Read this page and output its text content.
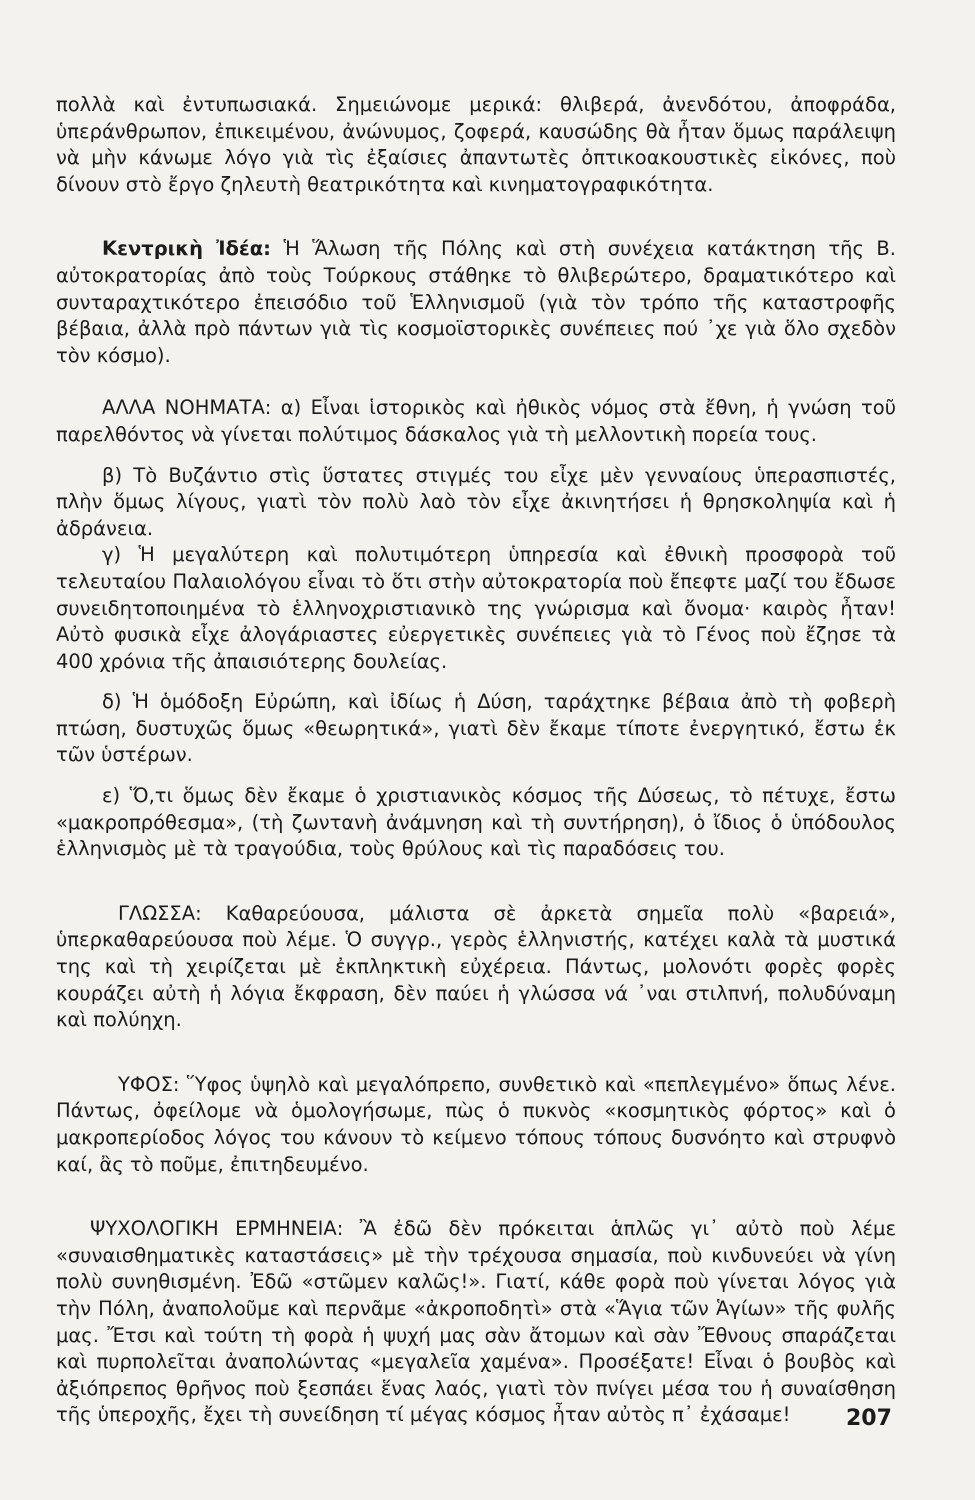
πολλὰ καὶ ἐντυπωσιακά. Σημειώνομε μερικά: θλιβερά, ἀνενδότου, ἀποφράδα, ὑπεράνθρωπον, ἐπικειμένου, ἀνώνυμος, ζοφερά, καυσώδης θὰ ἦταν ὅμως παράλειψη νὰ μὴν κάνωμε λόγο γιὰ τὶς ἐξαίσιες ἀπαντωτὲς ὀπτικοακουστικὲς εἰκόνες, ποὺ δίνουν στὸ ἔργο ζηλευτὴ θεατρικότητα καὶ κινηματογραφικότητα.

Κεντρικὴ Ἰδέα: Ἡ Ἅλωση τῆς Πόλης καὶ στὴ συνέχεια κατάκτηση τῆς Β. αὐτοκρατορίας ἀπὸ τοὺς Τούρκους στάθηκε τὸ θλιβερώτερο, δραματικότερο καὶ συνταραχτικότερο ἐπεισόδιο τοῦ Ἑλληνισμοῦ (γιὰ τὸν τρόπο τῆς καταστροφῆς βέβαια, ἀλλὰ πρὸ πάντων γιὰ τὶς κοσμοϊστορικὲς συνέπειες πού ᾽χε γιὰ ὅλο σχεδὸν τὸν κόσμο).

ΑΛΛΑ ΝΟΗΜΑΤΑ: α) Εἶναι ἱστορικὸς καὶ ἠθικὸς νόμος στὰ ἔθνη, ἡ γνώση τοῦ παρελθόντος νὰ γίνεται πολύτιμος δάσκαλος γιὰ τὴ μελλοντικὴ πορεία τους.

β) Τὸ Βυζάντιο στὶς ὕστατες στιγμές του εἶχε μὲν γενναίους ὑπερασπιστές, πλὴν ὅμως λίγους, γιατὶ τὸν πολὺ λαὸ τὸν εἶχε ἀκινητήσει ἡ θρησκοληψία καὶ ἡ ἀδράνεια.

γ) Ἡ μεγαλύτερη καὶ πολυτιμότερη ὑπηρεσία καὶ ἐθνικὴ προσφορὰ τοῦ τελευταίου Παλαιολόγου εἶναι τὸ ὅτι στὴν αὐτοκρατορία ποὺ ἔπεφτε μαζί του ἔδωσε συνειδητοποιημένα τὸ ἑλληνοχριστιανικὸ της γνώρισμα καὶ ὄνομα· καιρὸς ἦταν! Αὐτὸ φυσικὰ εἶχε ἀλογάριαστες εὐεργετικὲς συνέπειες γιὰ τὸ Γένος ποὺ ἔζησε τὰ 400 χρόνια τῆς ἀπαισιότερης δουλείας.

δ) Ἡ ὁμόδοξη Εὐρώπη, καὶ ἰδίως ἡ Δύση, ταράχτηκε βέβαια ἀπὸ τὴ φοβερὴ πτώση, δυστυχῶς ὅμως «θεωρητικά», γιατὶ δὲν ἔκαμε τίποτε ἐνεργητικό, ἔστω ἐκ τῶν ὑστέρων.

ε) Ὅ,τι ὅμως δὲν ἔκαμε ὁ χριστιανικὸς κόσμος τῆς Δύσεως, τὸ πέτυχε, ἔστω «μακροπρόθεσμα», (τὴ ζωντανὴ ἀνάμνηση καὶ τὴ συντήρηση), ὁ ἴδιος ὁ ὑπόδουλος ἑλληνισμὸς μὲ τὰ τραγούδια, τοὺς θρύλους καὶ τὶς παραδόσεις του.

ΓΛΩΣΣΑ: Καθαρεύουσα, μάλιστα σὲ ἀρκετὰ σημεῖα πολὺ «βαρειά», ὑπερκαθαρεύουσα ποὺ λέμε. Ὁ συγγρ., γερὸς ἑλληνιστής, κατέχει καλὰ τὰ μυστικά της καὶ τὴ χειρίζεται μὲ ἐκπληκτικὴ εὐχέρεια. Πάντως, μολονότι φορὲς φορὲς κουράζει αὐτὴ ἡ λόγια ἔκφραση, δὲν παύει ἡ γλώσσα νά ᾽ναι στιλπνή, πολυδύναμη καὶ πολύηχη.

ΥΦΟΣ: Ὕφος ὑψηλὸ καὶ μεγαλόπρεπο, συνθετικὸ καὶ «πεπλεγμένο» ὅπως λένε. Πάντως, ὀφείλομε νὰ ὁμολογήσωμε, πὼς ὁ πυκνὸς «κοσμητικὸς φόρτος» καὶ ὁ μακροπερίοδος λόγος του κάνουν τὸ κείμενο τόπους τόπους δυσνόητο καὶ στρυφνὸ καί, ἂς τὸ ποῦμε, ἐπιτηδευμένο.

ΨΥΧΟΛΟΓΙΚΗ ΕΡΜΗΝΕΙΑ: Ἂ ἐδῶ δὲν πρόκειται ἁπλῶς γι᾽ αὐτὸ ποὺ λέμε «συναισθηματικὲς καταστάσεις» μὲ τὴν τρέχουσα σημασία, ποὺ κινδυνεύει νὰ γίνη πολὺ συνηθισμένη. Ἐδῶ «στῶμεν καλῶς!». Γιατί, κάθε φορὰ ποὺ γίνεται λόγος γιὰ τὴν Πόλη, ἀναπολοῦμε καὶ περνᾶμε «ἀκροποδητὶ» στὰ «Ἅγια τῶν Ἁγίων» τῆς φυλῆς μας. Ἔτσι καὶ τούτη τὴ φορὰ ἡ ψυχή μας σὰν ἄτομων καὶ σὰν Ἔθνους σπαράζεται καὶ πυρπολεῖται ἀναπολώντας «μεγαλεῖα χαμένα». Προσέξατε! Εἶναι ὁ βουβὸς καὶ ἀξιόπρεπος θρῆνος ποὺ ξεσπάει ἕνας λαός, γιατὶ τὸν πνίγει μέσα του ἡ συναίσθηση τῆς ὑπεροχῆς, ἔχει τὴ συνείδηση τί μέγας κόσμος ἦταν αὐτὸς π᾽ ἐχάσαμε!	207
